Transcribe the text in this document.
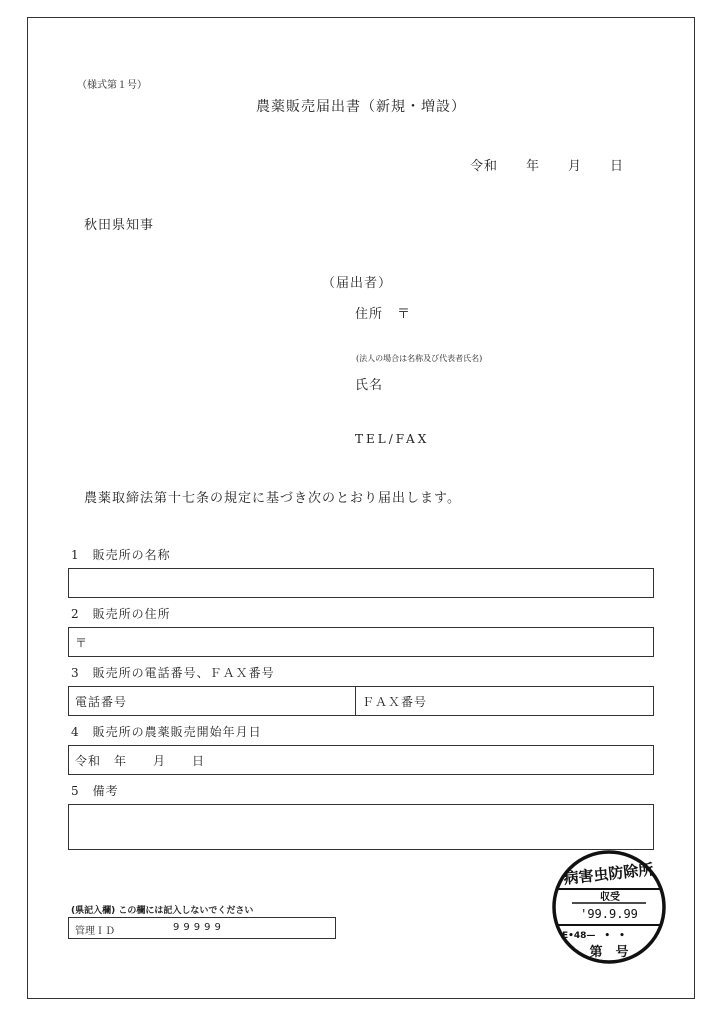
（様式第１号）
農薬販売届出書（新規・増設）
令和　　年　　月　　日
秋田県知事
（届出者）
住所　〒
(法人の場合は名称及び代表者氏名)
氏名
TEL/FAX
農薬取締法第十七条の規定に基づき次のとおり届出します。
1　販売所の名称
2　販売所の住所
〒
3　販売所の電話番号、ＦＡＸ番号
電話番号	ＦＡＸ番号
4　販売所の農薬販売開始年月日
令和　年　　月　　日
5　備考
(県記入欄) この欄には記入しないでください
管理ＩＤ	99999
病害虫防除所
収受
'99.9.99
E•48—　•　•
第　号
